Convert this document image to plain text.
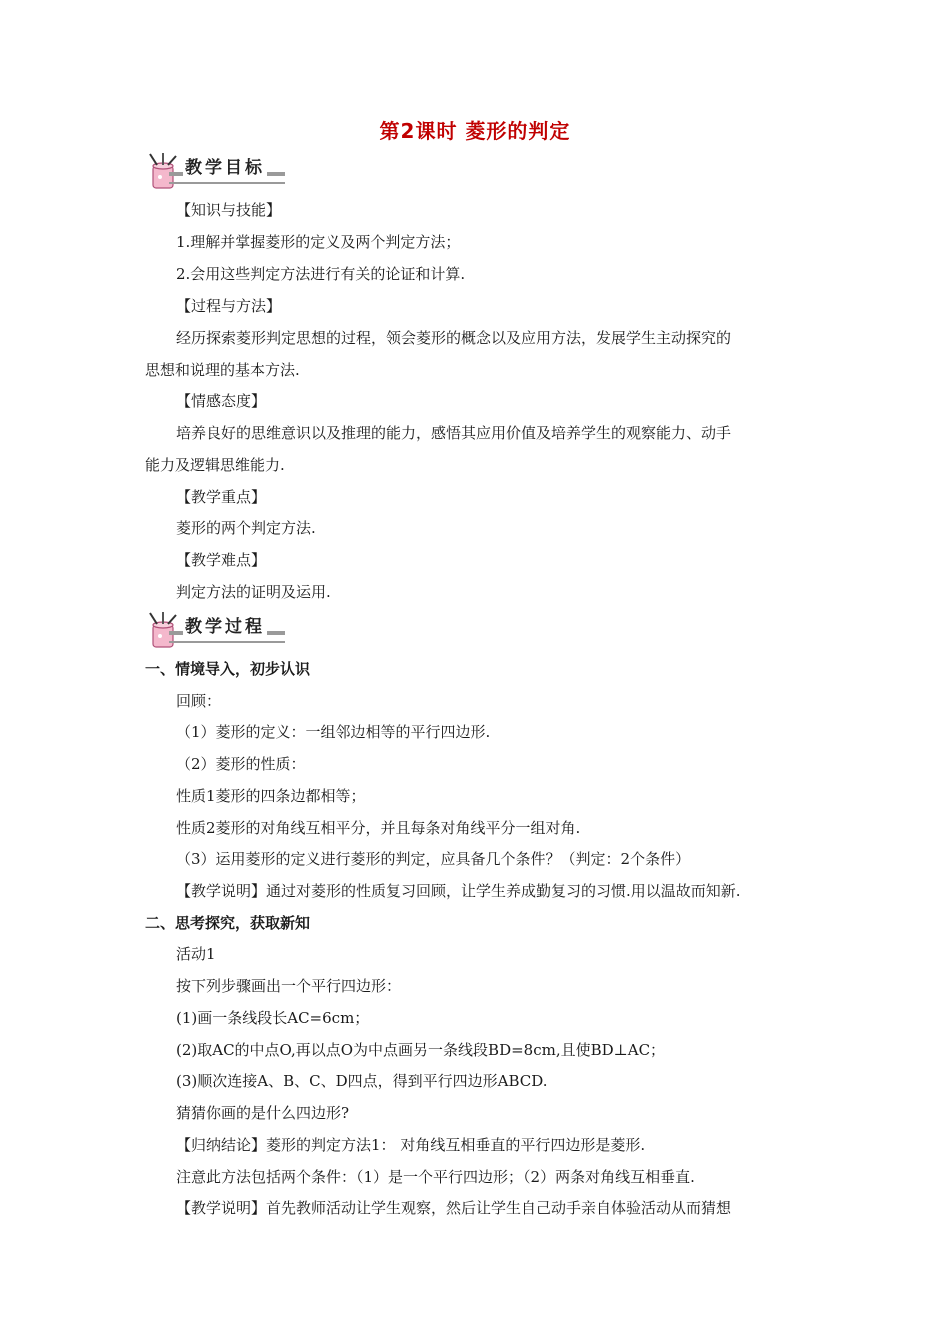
第2课时 菱形的判定
教学目标
【知识与技能】
1.理解并掌握菱形的定义及两个判定方法；
2.会用这些判定方法进行有关的论证和计算.
【过程与方法】
经历探索菱形判定思想的过程，领会菱形的概念以及应用方法，发展学生主动探究的
思想和说理的基本方法.
【情感态度】
培养良好的思维意识以及推理的能力，感悟其应用价值及培养学生的观察能力、动手
能力及逻辑思维能力.
【教学重点】
菱形的两个判定方法.
【教学难点】
判定方法的证明及运用.
教学过程
一、情境导入，初步认识
回顾：
（1）菱形的定义：一组邻边相等的平行四边形.
（2）菱形的性质：
性质1菱形的四条边都相等；
性质2菱形的对角线互相平分，并且每条对角线平分一组对角.
（3）运用菱形的定义进行菱形的判定，应具备几个条件？（判定：2个条件）
【教学说明】通过对菱形的性质复习回顾，让学生养成勤复习的习惯.用以温故而知新.
二、思考探究，获取新知
活动1
按下列步骤画出一个平行四边形：
(1)画一条线段长AC=6cm；
(2)取AC的中点O,再以点O为中点画另一条线段BD=8cm,且使BD⊥AC；
(3)顺次连接A、B、C、D四点，得到平行四边形ABCD.
猜猜你画的是什么四边形?
【归纳结论】菱形的判定方法1： 对角线互相垂直的平行四边形是菱形.
注意此方法包括两个条件：（1）是一个平行四边形；（2）两条对角线互相垂直.
【教学说明】首先教师活动让学生观察，然后让学生自己动手亲自体验活动从而猜想
